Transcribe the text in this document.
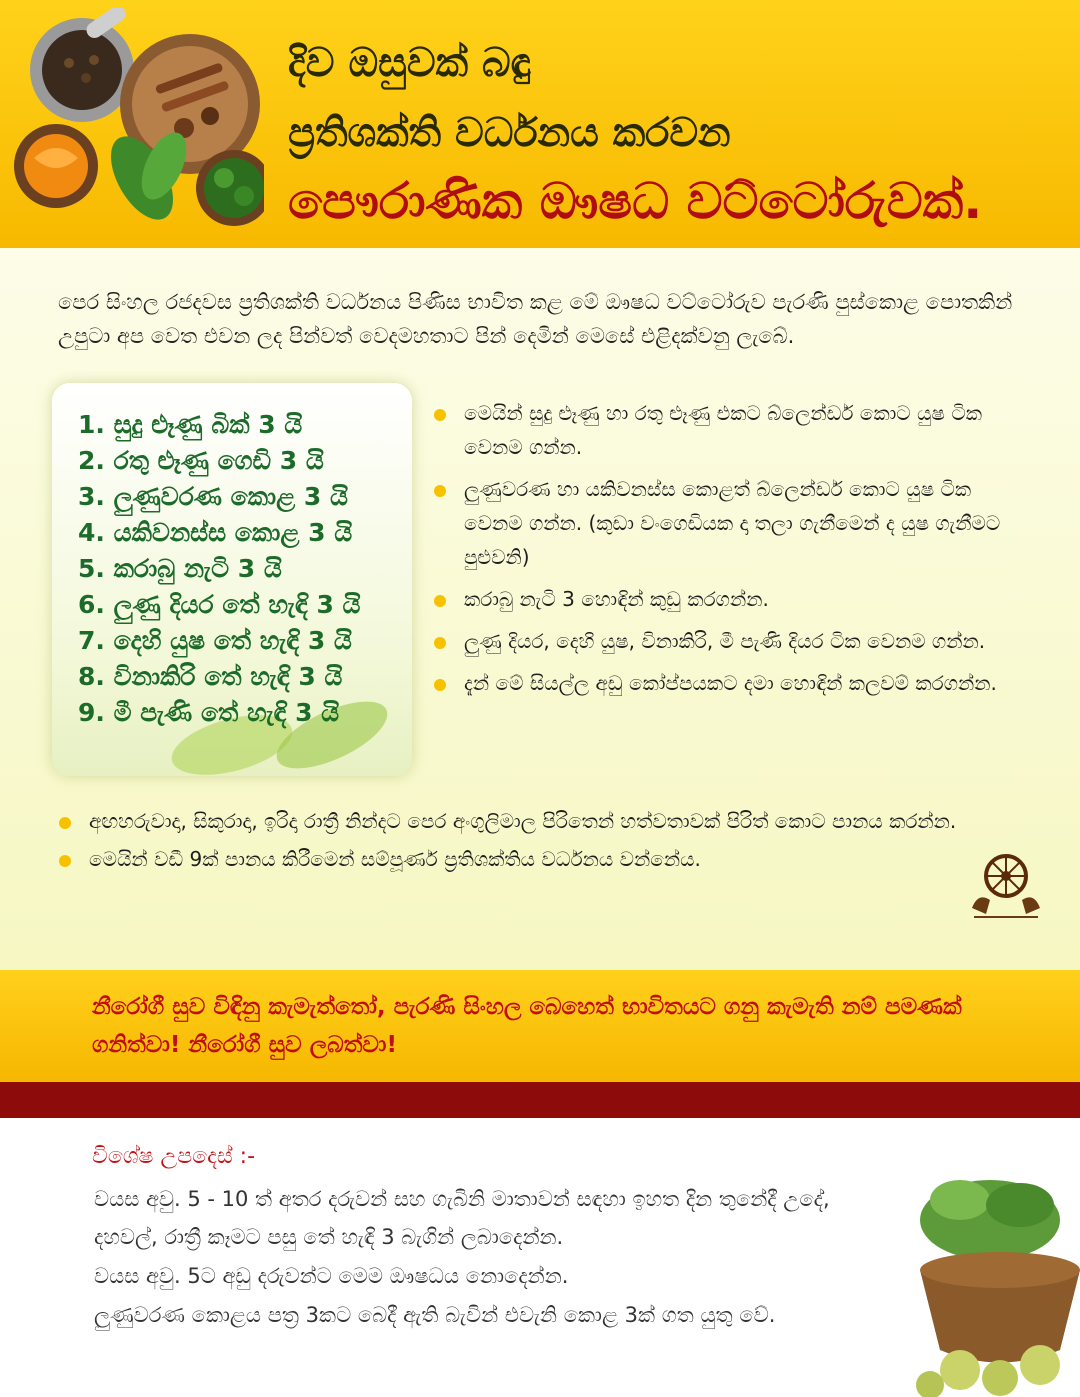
දිව ඔසුවක් බඳු
ප්‍රතිශක්ති වර්ධනය කරවන
පෞරාණික ඖෂධ වට්ටෝරුවක්.
පෙර සිංහල රජදවස ප්‍රතිශක්ති වර්ධනය පිණිස භාවිත කළ මේ ඖෂධ වට්ටෝරුව පැරණි පුස්කොළ පොතකින් උපුටා අප වෙත එවන ලද පින්වත් වෙදමහතාට පින් දෙමින් මෙසේ එළිදක්වනු ලැබේ.
1. සුදු ළූණු බික් 3 යි
2. රතු ළූණු ගෙඩි 3 යි
3. ලුණුවරණ කොළ 3 යි
4. යකිවනස්ස කොළ 3 යි
5. කරාබු නැටි 3 යි
6. ලුණු දියර තේ හැඳි 3 යි
7. දෙහි යුෂ තේ හැඳි 3 යි
8. විනාකිරි තේ හැඳි 3 යි
9. මී පැණි තේ හැඳි 3 යි
මෙයින් සුදු ළූණු හා රතු ළූණු එකට බ්ලෙන්ඩර් කොට යුෂ ටික වෙනම ගන්න.
ලුණුවරණ හා යකිවනස්ස කොළත් බ්ලෙන්ඩර් කොට යුෂ ටික වෙනම ගන්න. (කුඩා වංගෙඩියක දා තලා ගැනීමෙන් ද යුෂ ගැනීමට පුළුවනි)
කරාබු නැටි 3 හොඳින් කුඩු කරගන්න.
ලුණු දියර, දෙහි යුෂ, විනාකිරි, මී පැණි දියර ටික වෙනම ගන්න.
දැන් මේ සියල්ල අඩු කෝප්පයකට දමා හොඳින් කලවම් කරගන්න.
අඟහරුවාදා, සිකුරාදා, ඉරිදා රාත්‍රී නින්දට පෙර අංගුලිමාල පිරිතෙන් හත්වතාවක් පිරිත් කොට පානය කරන්න.
මෙයින් වඩී 9ක් පානය කිරීමෙන් සම්පූර්ණ ප්‍රතිශක්තිය වර්ධනය වන්නේය.
නීරෝගී සුව විඳිනු කැමැත්තෝ, පැරණි සිංහල බෙහෙත් භාවිතයට ගනු කැමැති නම් පමණක් ගනිත්වා! නීරෝගී සුව ලබත්වා!
විශේෂ උපදෙස් :-
වයස අවු. 5 - 10 ත් අතර දරුවන් සහ ගැබිනි මාතාවන් සඳහා ඉහත දින තුනේදී උදේ, දහවල්, රාත්‍රී කෑමට පසු තේ හැඳි 3 බැගින් ලබාදෙන්න.
වයස අවු. 5ට අඩු දරුවන්ට මෙම ඖෂධය නොදෙන්න.
ලුණුවරණ කොළය පත්‍ර 3කට බෙදී ඇති බැවින් එවැනි කොළ 3ක් ගත යුතු වේ.
